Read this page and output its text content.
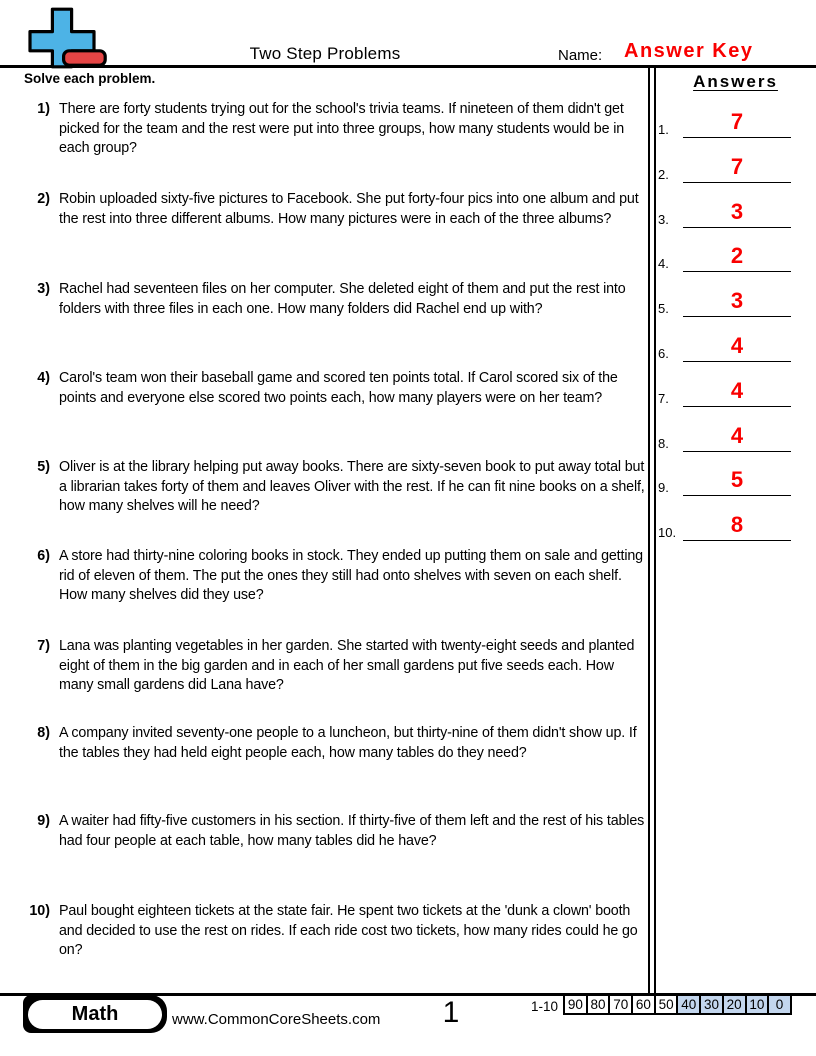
Two Step Problems	Name: Answer Key
Solve each problem.
1) There are forty students trying out for the school's trivia teams. If nineteen of them didn't get picked for the team and the rest were put into three groups, how many students would be in each group?
2) Robin uploaded sixty-five pictures to Facebook. She put forty-four pics into one album and put the rest into three different albums. How many pictures were in each of the three albums?
3) Rachel had seventeen files on her computer. She deleted eight of them and put the rest into folders with three files in each one. How many folders did Rachel end up with?
4) Carol's team won their baseball game and scored ten points total. If Carol scored six of the points and everyone else scored two points each, how many players were on her team?
5) Oliver is at the library helping put away books. There are sixty-seven book to put away total but a librarian takes forty of them and leaves Oliver with the rest. If he can fit nine books on a shelf, how many shelves will he need?
6) A store had thirty-nine coloring books in stock. They ended up putting them on sale and getting rid of eleven of them. The put the ones they still had onto shelves with seven on each shelf. How many shelves did they use?
7) Lana was planting vegetables in her garden. She started with twenty-eight seeds and planted eight of them in the big garden and in each of her small gardens put five seeds each. How many small gardens did Lana have?
8) A company invited seventy-one people to a luncheon, but thirty-nine of them didn't show up. If the tables they had held eight people each, how many tables do they need?
9) A waiter had fifty-five customers in his section. If thirty-five of them left and the rest of his tables had four people at each table, how many tables did he have?
10) Paul bought eighteen tickets at the state fair. He spent two tickets at the 'dunk a clown' booth and decided to use the rest on rides. If each ride cost two tickets, how many rides could he go on?
Answers
1.	7
2.	7
3.	3
4.	2
5.	3
6.	4
7.	4
8.	4
9.	5
10.	8
Math	www.CommonCoreSheets.com 1	1-10 90 80 70 60 50 40 30 20 10 0
